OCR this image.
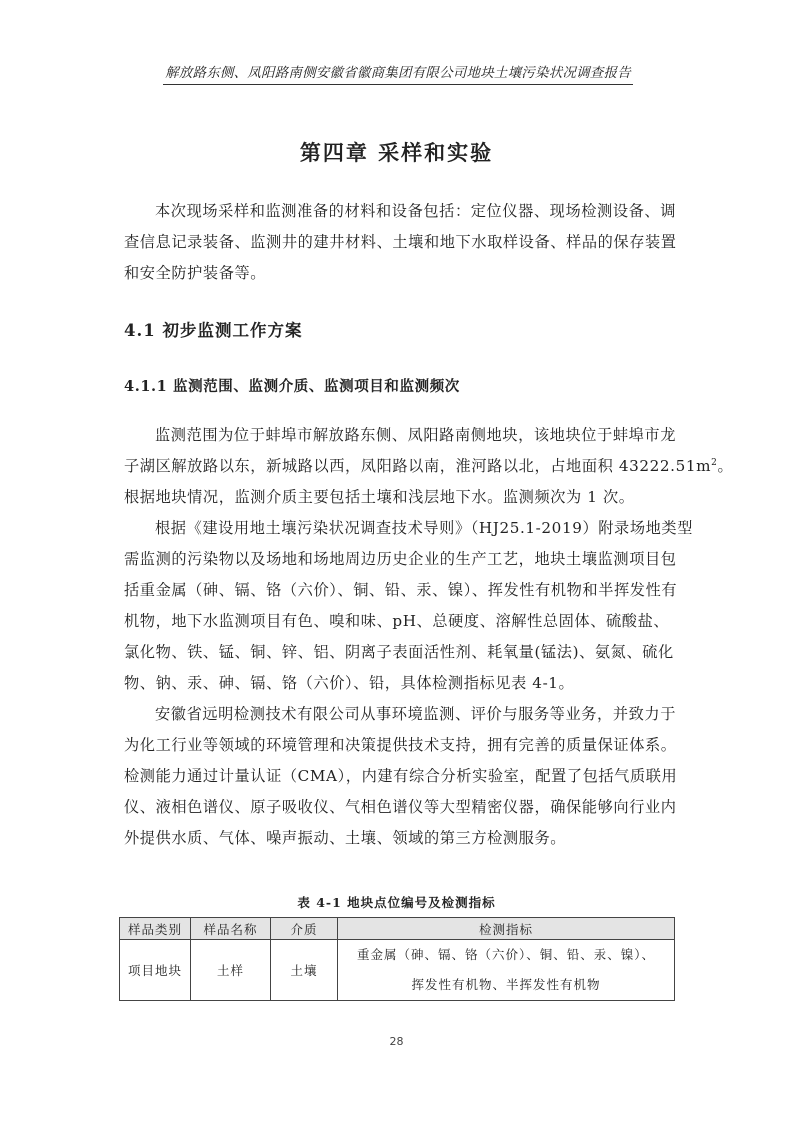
解放路东侧、凤阳路南侧安徽省徽商集团有限公司地块土壤污染状况调查报告
第四章 采样和实验
本次现场采样和监测准备的材料和设备包括：定位仪器、现场检测设备、调
查信息记录装备、监测井的建井材料、土壤和地下水取样设备、样品的保存装置
和安全防护装备等。
4.1 初步监测工作方案
4.1.1 监测范围、监测介质、监测项目和监测频次
监测范围为位于蚌埠市解放路东侧、凤阳路南侧地块，该地块位于蚌埠市龙
子湖区解放路以东，新城路以西，凤阳路以南，淮河路以北，占地面积 $43222.51m^2$。
根据地块情况，监测介质主要包括土壤和浅层地下水。监测频次为 1 次。
根据《建设用地土壤污染状况调查技术导则》（HJ25.1-2019）附录场地类型
需监测的污染物以及场地和场地周边历史企业的生产工艺，地块土壤监测项目包
括重金属（砷、镉、铬（六价）、铜、铅、汞、镍）、挥发性有机物和半挥发性有
机物，地下水监测项目有色、嗅和味、pH、总硬度、溶解性总固体、硫酸盐、
氯化物、铁、锰、铜、锌、铝、阴离子表面活性剂、耗氧量(锰法)、氨氮、硫化
物、钠、汞、砷、镉、铬（六价）、铅，具体检测指标见表 4-1。
安徽省远明检测技术有限公司从事环境监测、评价与服务等业务，并致力于
为化工行业等领域的环境管理和决策提供技术支持，拥有完善的质量保证体系。
检测能力通过计量认证（CMA），内建有综合分析实验室，配置了包括气质联用
仪、液相色谱仪、原子吸收仪、气相色谱仪等大型精密仪器，确保能够向行业内
外提供水质、气体、噪声振动、土壤、领域的第三方检测服务。
表 4-1 地块点位编号及检测指标
样品类别	样品名称	介质	检测指标
项目地块	土样	土壤	重金属（砷、镉、铬（六价）、铜、铅、汞、镍）、
挥发性有机物、半挥发性有机物
28
